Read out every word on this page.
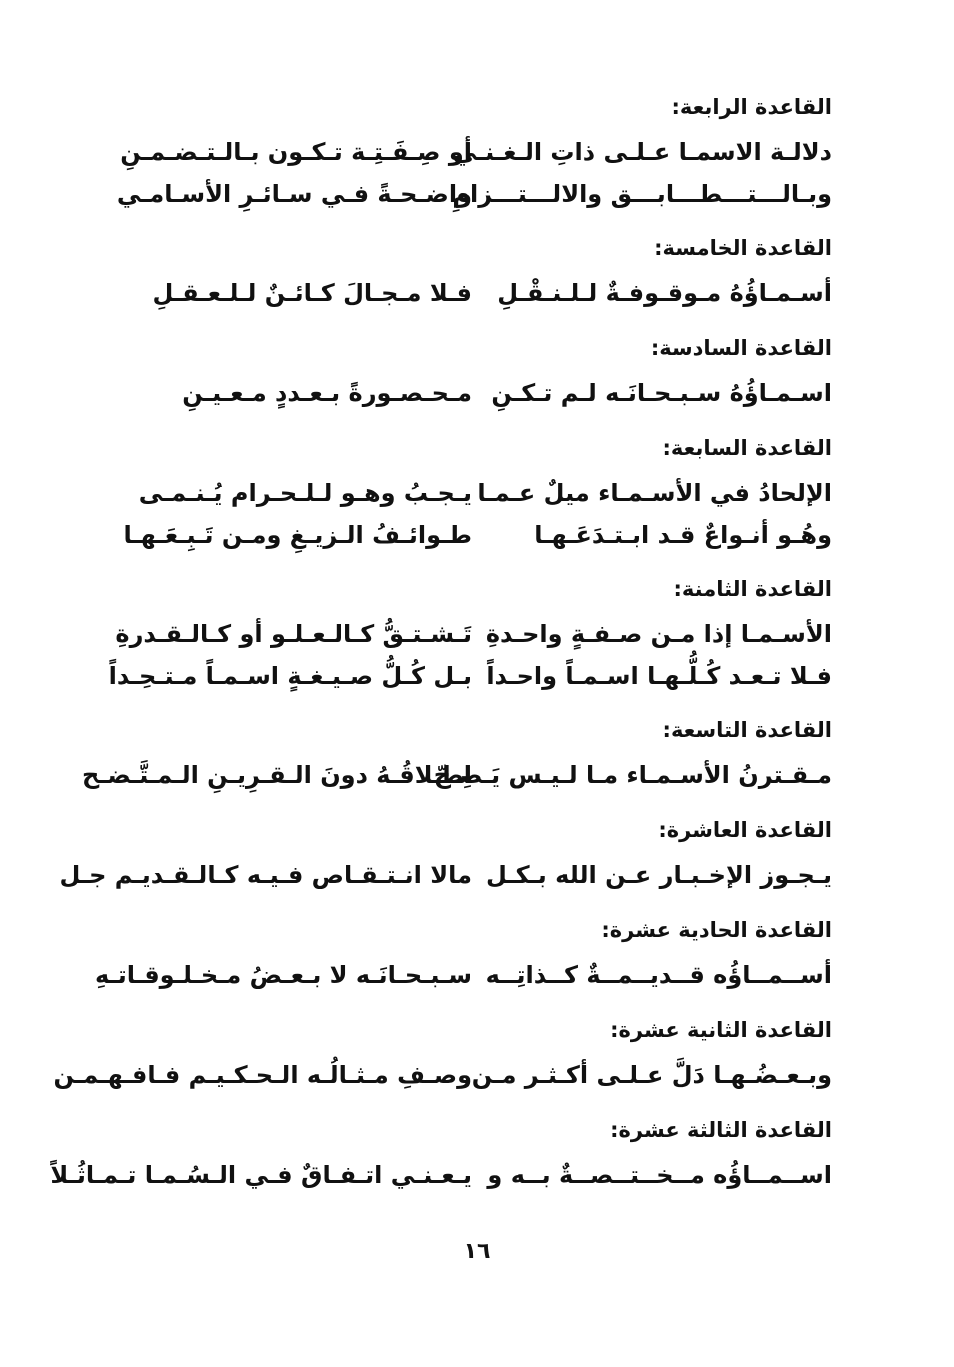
القاعدة الرابعة:
دلالـة الاسمـا عـلـى ذاتِ الـغـنـي
أو صِـفَـتِـة تـكـون بـالـتـضـمـنِ
وبـالـــتـــطـــابـــق والالـــتـــزامِ
واضـحـةً فـي سـائـرِ الأسـامـي
القاعدة الخامسة:
أسـمـاؤُهُ مـوقـوفـةٌ لـلـنـقْـلِ
فـلا مـجـالَ كـائـنٌ لـلـعـقـلِ
القاعدة السادسة:
اسـمـاؤُهُ سـبـحـانَـه لـم تـكـنِ
مـحـصـورةً بـعـددٍ مـعـيـنِ
القاعدة السابعة:
الإلحادُ في الأسـمـاء ميلٌ عـمـا
يـجـبُ وهـو لـلـحـرام يُـنـمـى
وهُـو أنـواعٌ قـد ابـتـدَعَـهـا
طـوائـفُ الـزيـغِ ومـن تَـبِـعَـهـا
القاعدة الثامنة:
الأسـمـا إذا مـن صـفـةٍ واحـدةِ
تَـشـتـقُّ كـالـعـلـو أو كـالـقـدرةِ
فـلا تـعـد كُـلُّـهـا اسـمـاً واحـداً
بـل كُـلُّ صـيـغـةٍ اسـمـاً مـتـحِـداً
القاعدة التاسعة:
مـقـترنُ الأسـمـاء مـا لـيـس يَـصِـحّ
اطـلاقُـهُ دونَ الـقـرِيـنِ الـمـتَّـضـح
القاعدة العاشرة:
يـجـوز الإخـبـار عـن الله بـكـل
مالا انـتـقـاص فـيـه كـالـقـديـم جـل
القاعدة الحادية عشرة:
أســمــاؤُه قــديــمــةٌ كــذاتِــه
سـبـحـانَـه لا بـعـضُ مـخـلـوقـاتـهِ
القاعدة الثانية عشرة:
وبـعـضُـهـا دَلَّ عـلـى أكـثـر مـن
وصـفِ مـثـالُـه الـحـكـيـم فـافـهـمـن
القاعدة الثالثة عشرة:
اســمــاؤُه مــخــتــصــةٌ بــه و
يـعـنـي اتـفـاقٌ فـي الـسُـمـا تـمـاثُـلاً
١٦
